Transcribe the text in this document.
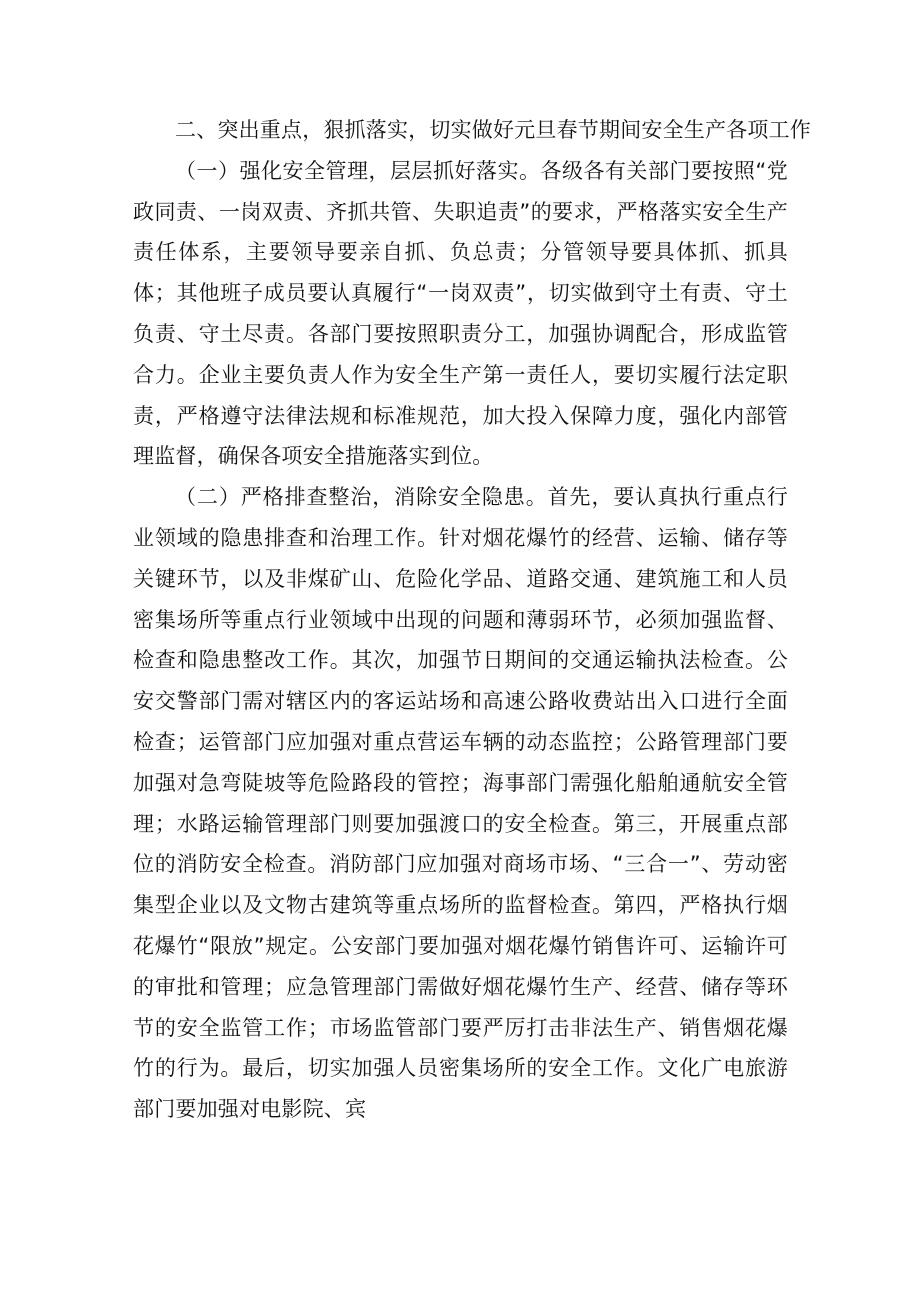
二、突出重点，狠抓落实，切实做好元旦春节期间安全生产各项工作

（一）强化安全管理，层层抓好落实。各级各有关部门要按照“党政同责、一岗双责、齐抓共管、失职追责”的要求，严格落实安全生产责任体系，主要领导要亲自抓、负总责；分管领导要具体抓、抓具体；其他班子成员要认真履行“一岗双责”，切实做到守土有责、守土负责、守土尽责。各部门要按照职责分工，加强协调配合，形成监管合力。企业主要负责人作为安全生产第一责任人，要切实履行法定职责，严格遵守法律法规和标准规范，加大投入保障力度，强化内部管理监督，确保各项安全措施落实到位。

（二）严格排查整治，消除安全隐患。首先，要认真执行重点行业领域的隐患排查和治理工作。针对烟花爆竹的经营、运输、储存等关键环节，以及非煤矿山、危险化学品、道路交通、建筑施工和人员密集场所等重点行业领域中出现的问题和薄弱环节，必须加强监督、检查和隐患整改工作。其次，加强节日期间的交通运输执法检查。公安交警部门需对辖区内的客运站场和高速公路收费站出入口进行全面检查；运管部门应加强对重点营运车辆的动态监控；公路管理部门要加强对急弯陡坡等危险路段的管控；海事部门需强化船舶通航安全管理；水路运输管理部门则要加强渡口的安全检查。第三，开展重点部位的消防安全检查。消防部门应加强对商场市场、“三合一”、劳动密集型企业以及文物古建筑等重点场所的监督检查。第四，严格执行烟花爆竹“限放”规定。公安部门要加强对烟花爆竹销售许可、运输许可的审批和管理；应急管理部门需做好烟花爆竹生产、经营、储存等环节的安全监管工作；市场监管部门要严厉打击非法生产、销售烟花爆竹的行为。最后，切实加强人员密集场所的安全工作。文化广电旅游部门要加强对电影院、宾
